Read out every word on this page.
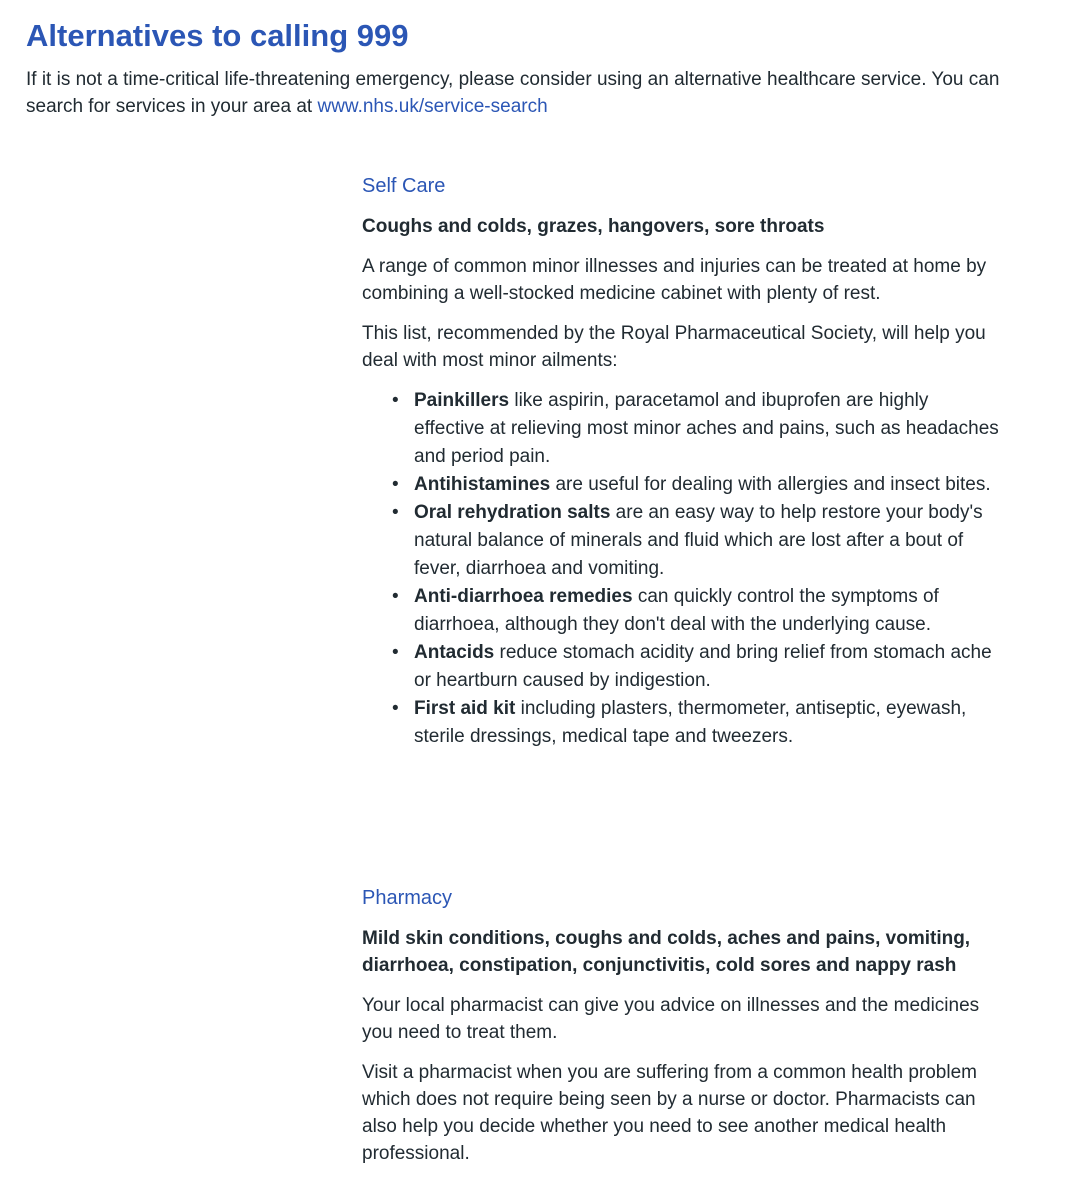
Alternatives to calling 999

If it is not a time-critical life-threatening emergency, please consider using an alternative healthcare service. You can search for services in your area at www.nhs.uk/service-search

Self Care

Coughs and colds, grazes, hangovers, sore throats

A range of common minor illnesses and injuries can be treated at home by combining a well-stocked medicine cabinet with plenty of rest.

This list, recommended by the Royal Pharmaceutical Society, will help you deal with most minor ailments:

• Painkillers like aspirin, paracetamol and ibuprofen are highly effective at relieving most minor aches and pains, such as headaches and period pain.
• Antihistamines are useful for dealing with allergies and insect bites.
• Oral rehydration salts are an easy way to help restore your body's natural balance of minerals and fluid which are lost after a bout of fever, diarrhoea and vomiting.
• Anti-diarrhoea remedies can quickly control the symptoms of diarrhoea, although they don't deal with the underlying cause.
• Antacids reduce stomach acidity and bring relief from stomach ache or heartburn caused by indigestion.
• First aid kit including plasters, thermometer, antiseptic, eyewash, sterile dressings, medical tape and tweezers.
Pharmacy

Mild skin conditions, coughs and colds, aches and pains, vomiting, diarrhoea, constipation, conjunctivitis, cold sores and nappy rash

Your local pharmacist can give you advice on illnesses and the medicines you need to treat them.

Visit a pharmacist when you are suffering from a common health problem which does not require being seen by a nurse or doctor. Pharmacists can also help you decide whether you need to see another medical health professional.
